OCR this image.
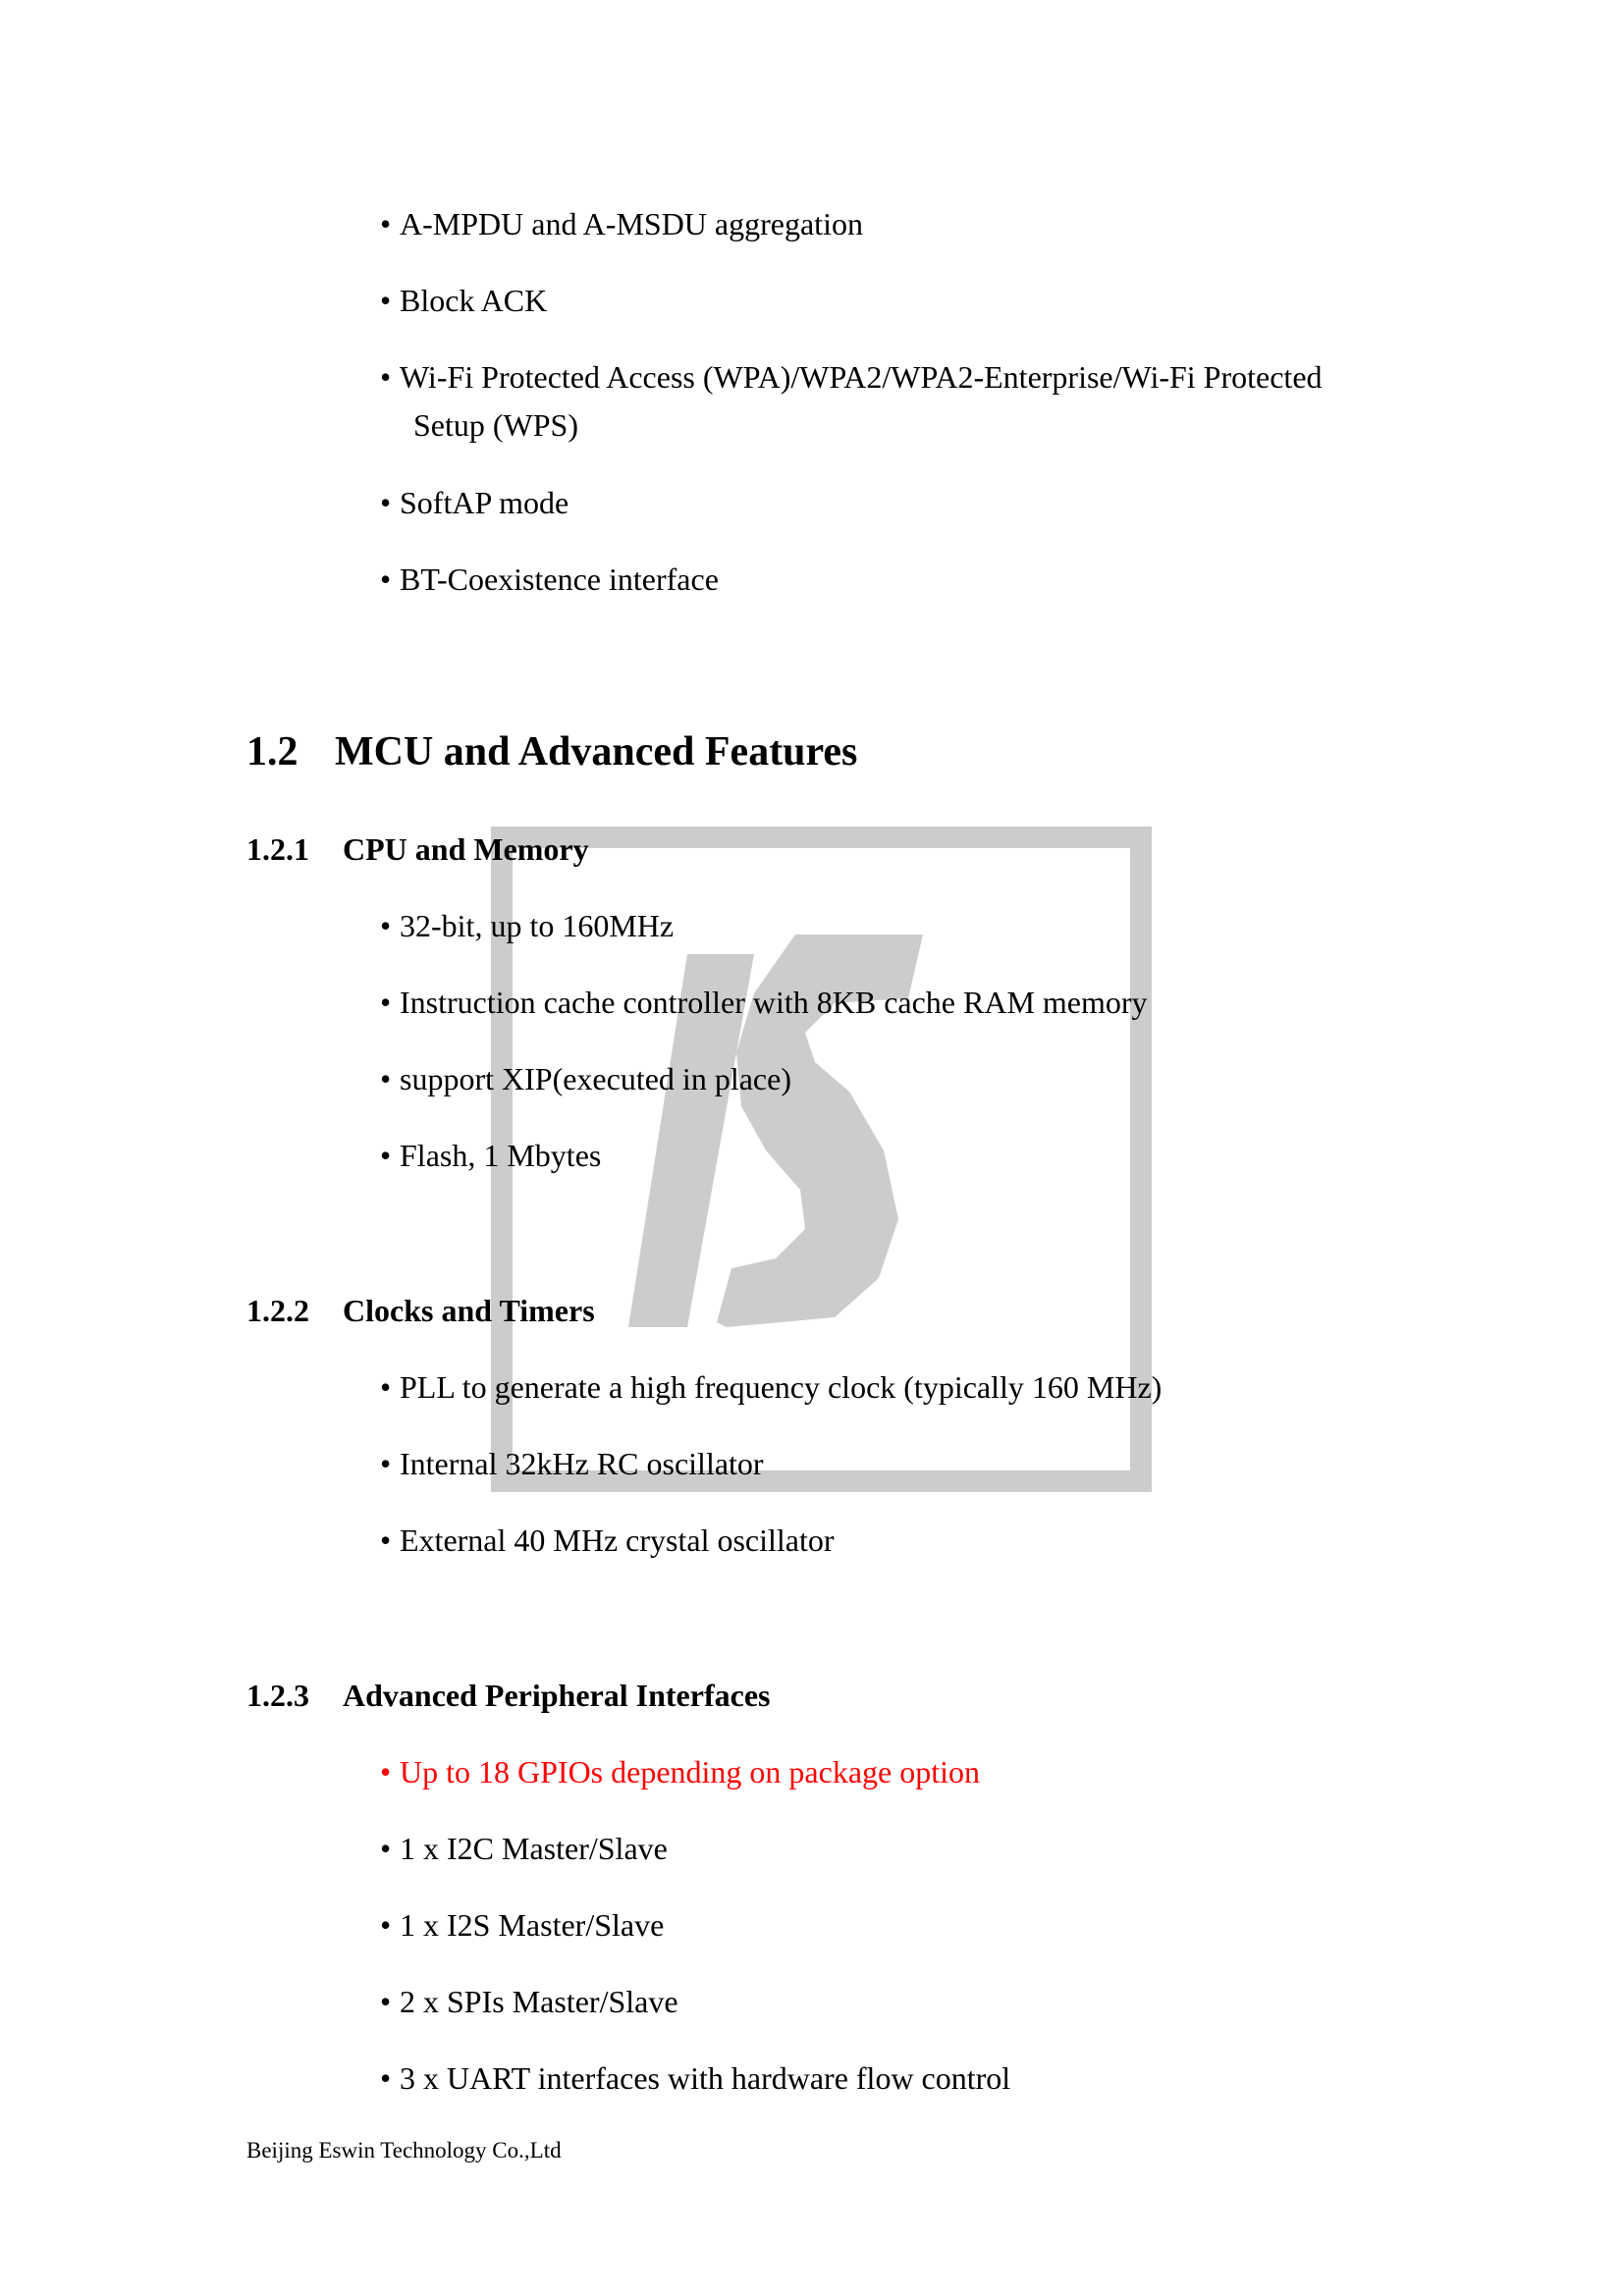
• A-MPDU and A-MSDU aggregation
• Block ACK
• Wi-Fi Protected Access (WPA)/WPA2/WPA2-Enterprise/Wi-Fi Protected
Setup (WPS)
• SoftAP mode
• BT-Coexistence interface
1.2 MCU and Advanced Features
1.2.1 CPU and Memory
• 32-bit, up to 160MHz
• Instruction cache controller with 8KB cache RAM memory
• support XIP(executed in place)
• Flash, 1 Mbytes
1.2.2 Clocks and Timers
• PLL to generate a high frequency clock (typically 160 MHz)
• Internal 32kHz RC oscillator
• External 40 MHz crystal oscillator
1.2.3 Advanced Peripheral Interfaces
• Up to 18 GPIOs depending on package option
• 1 x I2C Master/Slave
• 1 x I2S Master/Slave
• 2 x SPIs Master/Slave
• 3 x UART interfaces with hardware flow control
Beijing Eswin Technology Co.,Ltd
